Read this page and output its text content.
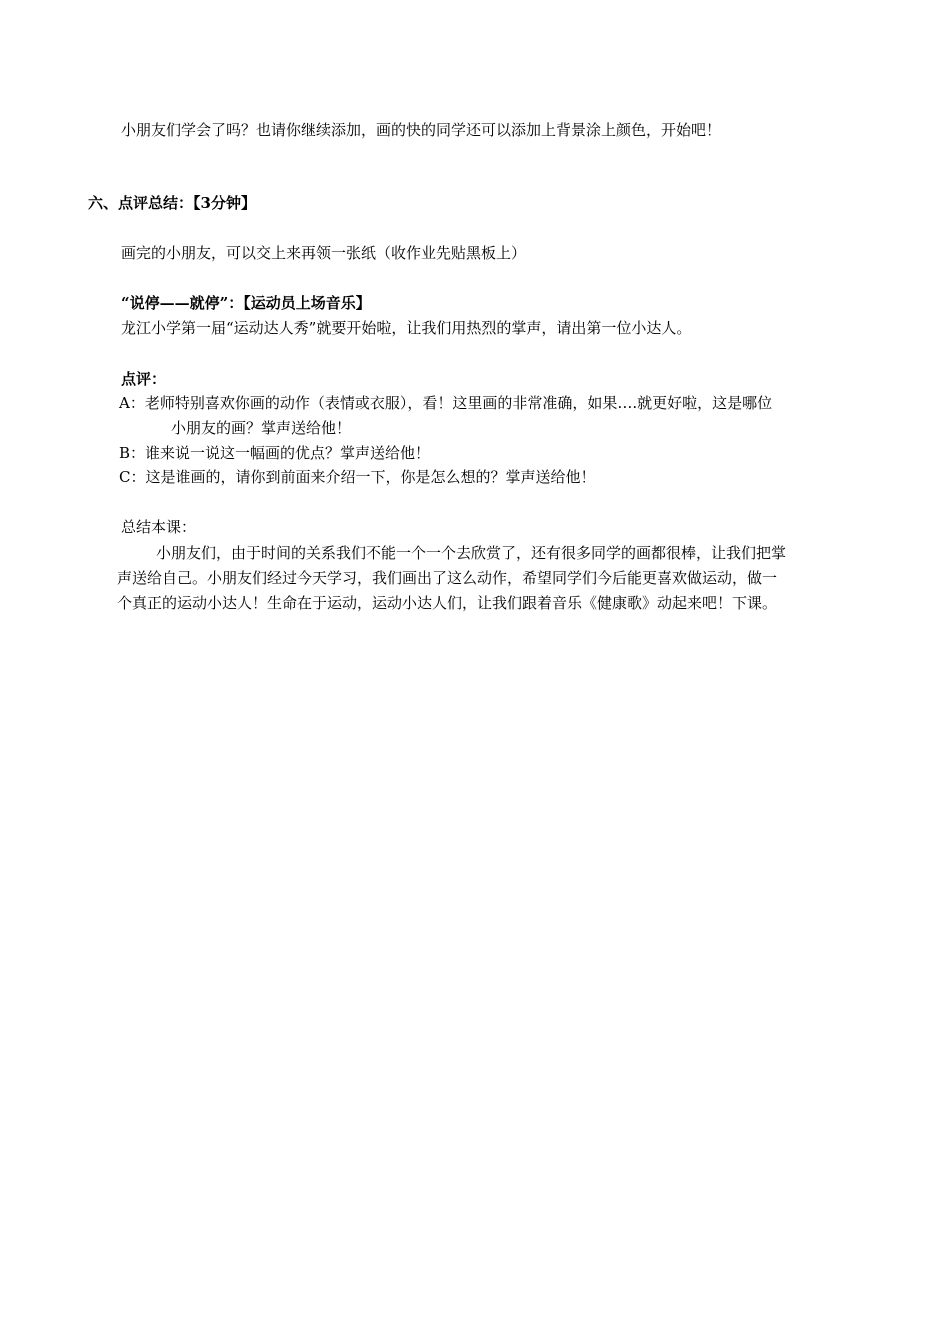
小朋友们学会了吗？也请你继续添加，画的快的同学还可以添加上背景涂上颜色，开始吧！
六、点评总结：【3分钟】
画完的小朋友，可以交上来再领一张纸（收作业先贴黑板上）
“说停——就停”：【运动员上场音乐】
龙江小学第一届“运动达人秀”就要开始啦，让我们用热烈的掌声，请出第一位小达人。
点评：
A：老师特别喜欢你画的动作（表情或衣服），看！这里画的非常准确，如果….就更好啦，这是哪位
小朋友的画？掌声送给他！
B：谁来说一说这一幅画的优点？掌声送给他！
C：这是谁画的，请你到前面来介绍一下，你是怎么想的？掌声送给他！
总结本课：
小朋友们，由于时间的关系我们不能一个一个去欣赏了，还有很多同学的画都很棒，让我们把掌
声送给自己。小朋友们经过今天学习，我们画出了这么动作，希望同学们今后能更喜欢做运动，做一
个真正的运动小达人！生命在于运动，运动小达人们，让我们跟着音乐《健康歌》动起来吧！下课。
